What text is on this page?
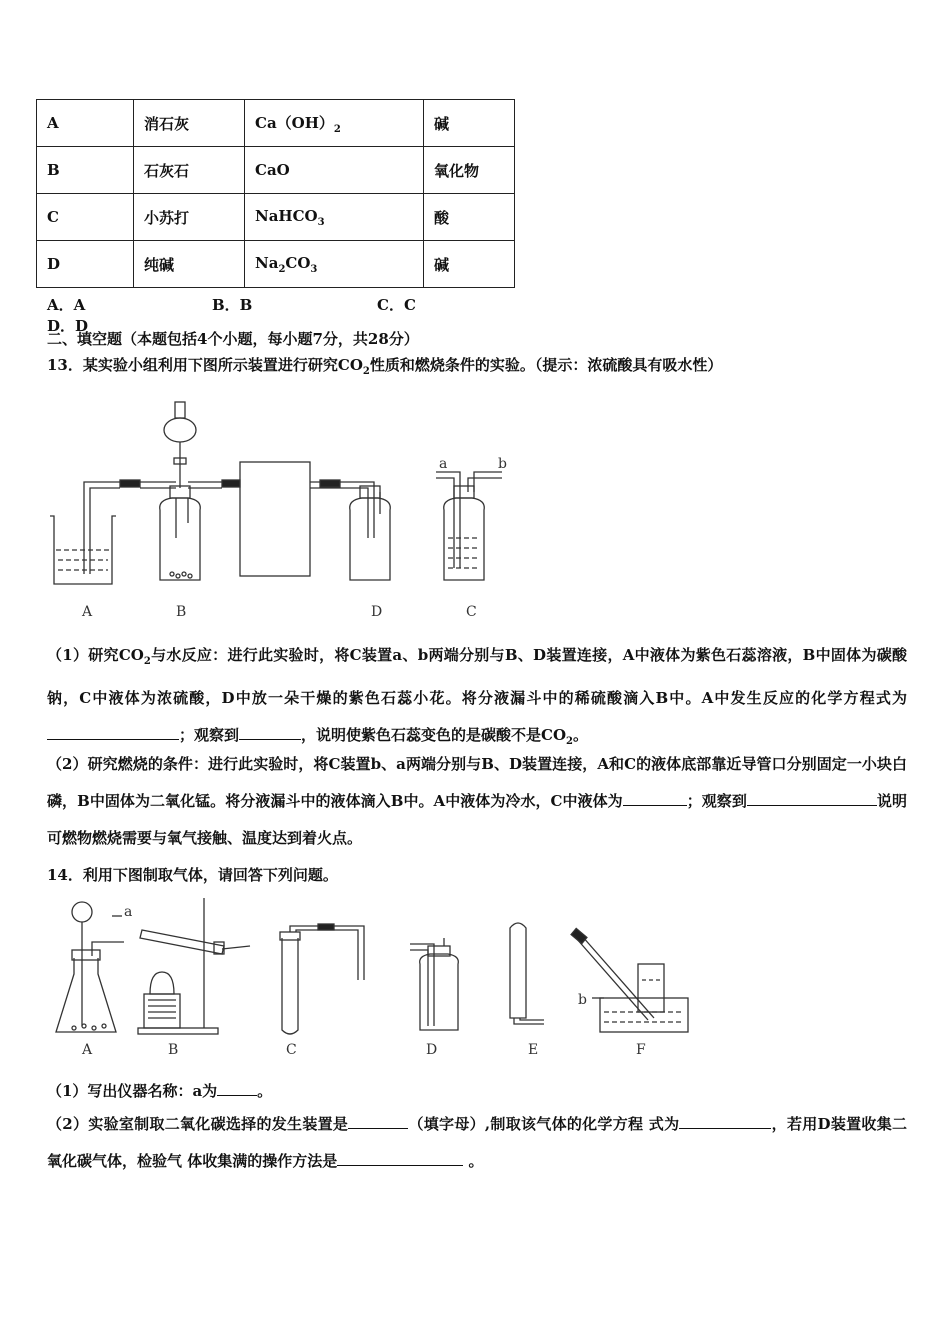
A	消石灰	$Ca(OH)_2$	碱
B	石灰石	CaO	氧化物
C	小苏打	NaHCO$_3$	酸
D	纯碱	$Na_2CO_3$	碱
A．A	B．B	C．CD．D
二、填空题（本题包括4个小题，每小题7分，共28分）
13．某实验小组利用下图所示装置进行研究$CO_2$性质和燃烧条件的实验。（提示：浓硫酸具有吸水性）
a	b
A	B	D	C
（1）研究$CO_2$与水反应：进行此实验时，将C装置a、b两端分别与B、D装置连接，A中液体为紫色石蕊溶液，B中固体为碳酸钠，C中液体为浓硫酸，D中放一朵干燥的紫色石蕊小花。将分液漏斗中的稀硫酸滴入B中。A中发生反应的化学方程式为；观察到	，说明使紫色石蕊变色的是碳酸不是$CO_2$。
（2）研究燃烧的条件：进行此实验时，将C装置b、a两端分别与B、D装置连接，A和C的液体底部靠近导管口分别固定一小块白磷，B中固体为二氧化锰。将分液漏斗中的液体滴入B中。A中液体为冷水，C中液体为	；观察到	说明可燃物燃烧需要与氧气接触、温度达到着火点。
14．利用下图制取气体，请回答下列问题。
a
b
A	B	C	D	E	F
（1）写出仪器名称：a为	。
（2）实验室制取二氧化碳选择的发生装置是	（填字母）,制取该气体的化学方程 式为	，若用D装置收集二氧化碳气体，检验气 体收集满的操作方法是	。
